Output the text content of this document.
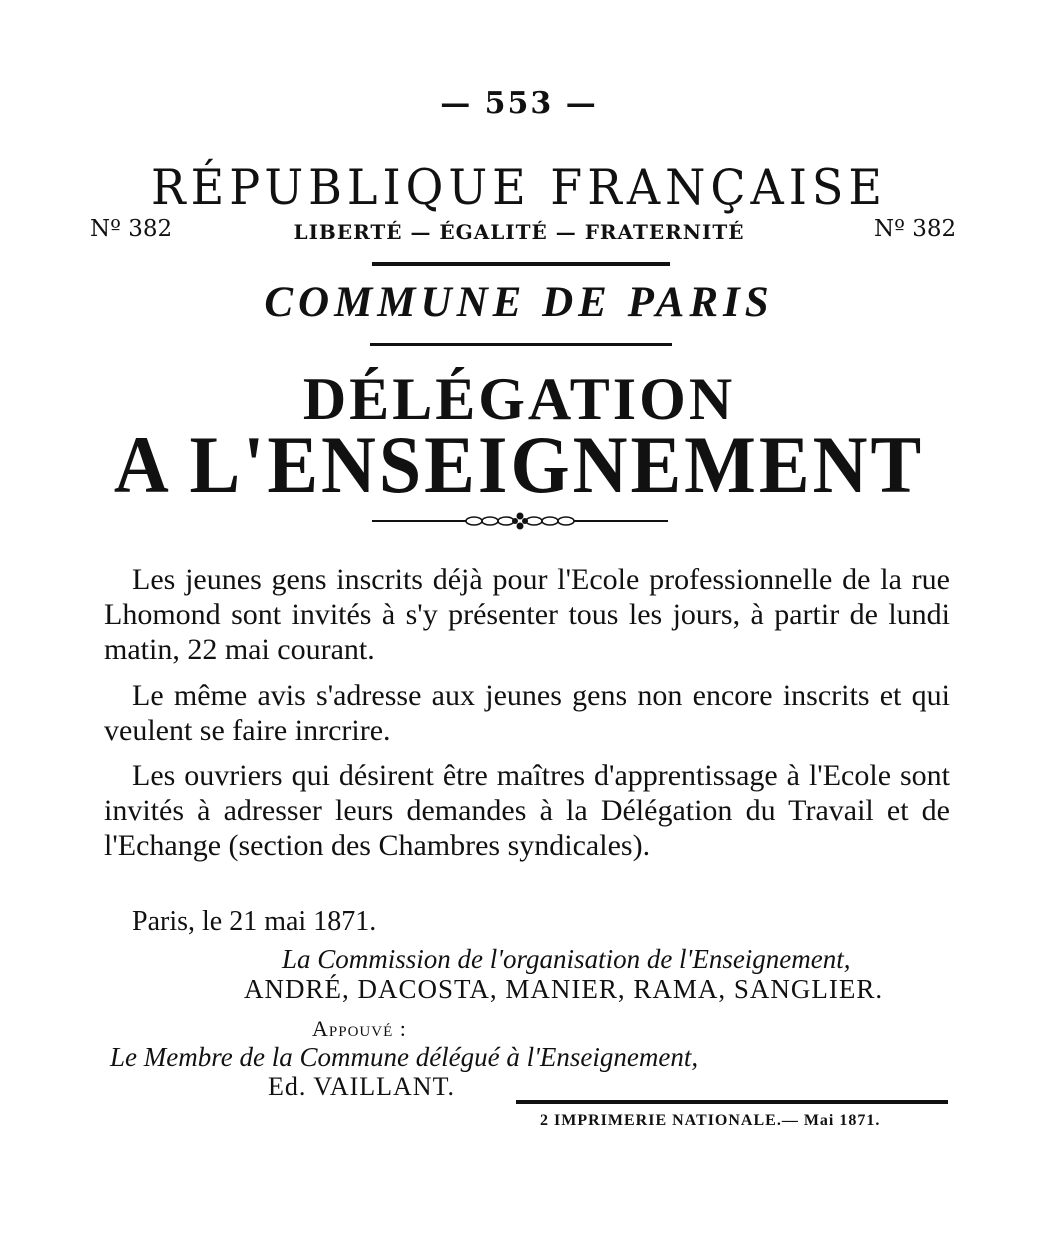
— 553 —
RÉPUBLIQUE FRANÇAISE
Nº 382	LIBERTÉ — ÉGALITÉ — FRATERNITÉ	Nº 382
COMMUNE DE PARIS
DÉLÉGATION
A L'ENSEIGNEMENT
Les jeunes gens inscrits déjà pour l'Ecole professionnelle de la rue Lhomond sont invités à s'y présenter tous les jours, à partir de lundi matin, 22 mai courant.
Le même avis s'adresse aux jeunes gens non encore inscrits et qui veulent se faire inrcrire.
Les ouvriers qui désirent être maîtres d'apprentissage à l'Ecole sont invités à adresser leurs demandes à la Délégation du Travail et de l'Echange (section des Chambres syndicales).
Paris, le 21 mai 1871.
La Commission de l'organisation de l'Enseignement,
ANDRÉ, DACOSTA, MANIER, RAMA, SANGLIER.
Appouvé :
Le Membre de la Commune délégué à l'Enseignement,
Ed. VAILLANT.
2 IMPRIMERIE NATIONALE.— Mai 1871.
